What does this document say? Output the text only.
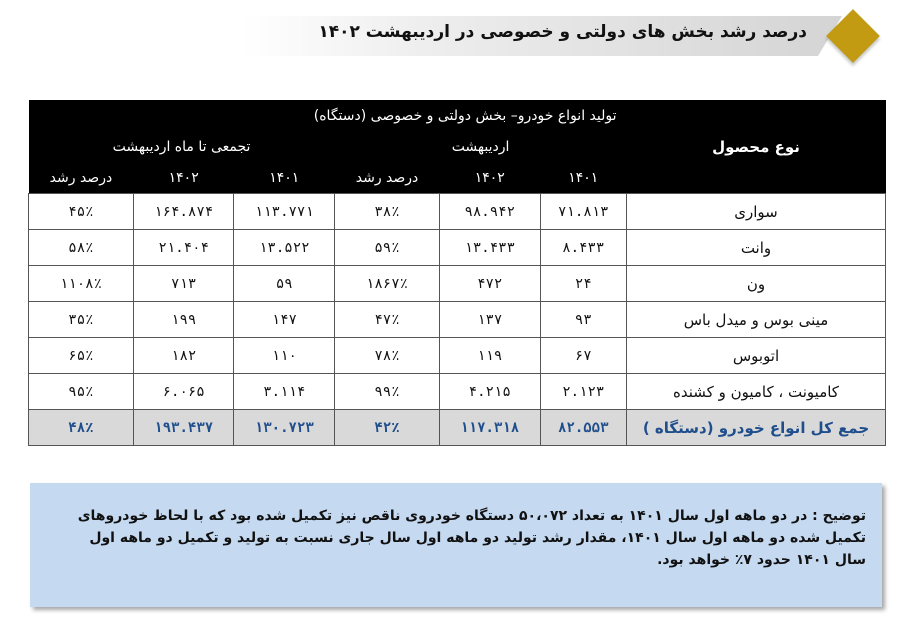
درصد رشد بخش های دولتی و خصوصی در اردیبهشت ۱۴۰۲
نوع محصول	تولید انواع خودرو– بخش دولتی و خصوصی (دستگاه)					
	اردیبهشت			تجمعی تا ماه اردیبهشت		
	۱۴۰۱	۱۴۰۲	درصد رشد	۱۴۰۱	۱۴۰۲	درصد رشد
سواری	۷۱.۸۱۳	۹۸.۹۴۲	۳۸٪	۱۱۳.۷۷۱	۱۶۴.۸۷۴	۴۵٪
وانت	۸.۴۳۳	۱۳.۴۳۳	۵۹٪	۱۳.۵۲۲	۲۱.۴۰۴	۵۸٪
ون	۲۴	۴۷۲	۱۸۶۷٪	۵۹	۷۱۳	۱۱۰۸٪
مینی بوس و میدل باس	۹۳	۱۳۷	۴۷٪	۱۴۷	۱۹۹	۳۵٪
اتوبوس	۶۷	۱۱۹	۷۸٪	۱۱۰	۱۸۲	۶۵٪
کامیونت ، کامیون و کشنده	۲.۱۲۳	۴.۲۱۵	۹۹٪	۳.۱۱۴	۶.۰۶۵	۹۵٪
جمع کل انواع خودرو (دستگاه )	۸۲.۵۵۳	۱۱۷.۳۱۸	۴۲٪	۱۳۰.۷۲۳	۱۹۳.۴۳۷	۴۸٪
توضیح : در دو ماهه اول سال ۱۴۰۱ به تعداد ۵۰،۰۷۲ دستگاه خودروی ناقص نیز تکمیل شده بود که با لحاظ خودروهای تکمیل شده دو ماهه اول سال ۱۴۰۱، مقدار رشد تولید دو ماهه اول سال جاری نسبت به تولید و تکمیل دو ماهه اول سال ۱۴۰۱ حدود ۷٪ خواهد بود.
